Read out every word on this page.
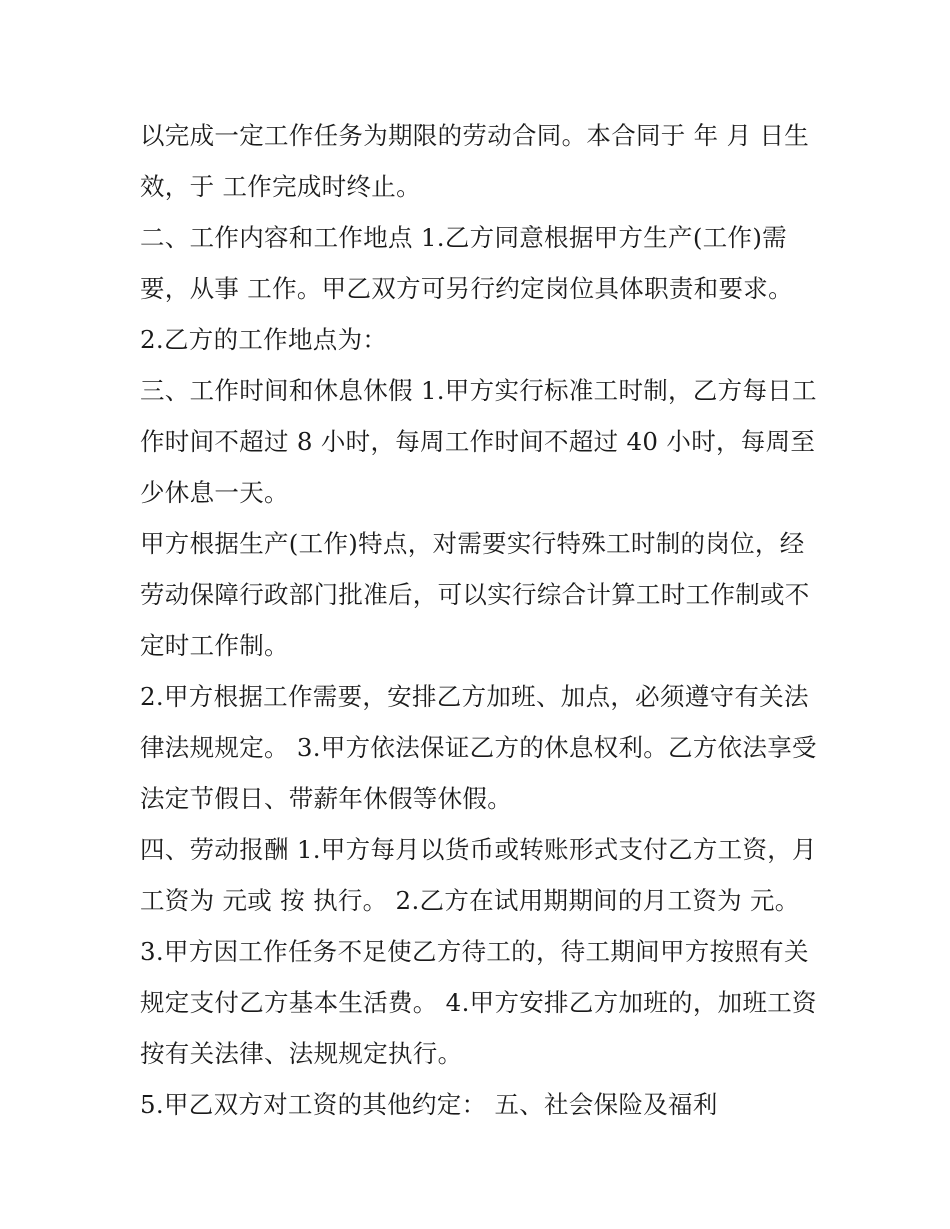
以完成一定工作任务为期限的劳动合同。本合同于 年 月 日生
效，于 工作完成时终止。
二、工作内容和工作地点 1.乙方同意根据甲方生产(工作)需
要，从事 工作。甲乙双方可另行约定岗位具体职责和要求。
2.乙方的工作地点为：
三、工作时间和休息休假 1.甲方实行标准工时制，乙方每日工
作时间不超过 8 小时，每周工作时间不超过 40 小时，每周至
少休息一天。
甲方根据生产(工作)特点，对需要实行特殊工时制的岗位，经
劳动保障行政部门批准后，可以实行综合计算工时工作制或不
定时工作制。
2.甲方根据工作需要，安排乙方加班、加点，必须遵守有关法
律法规规定。 3.甲方依法保证乙方的休息权利。乙方依法享受
法定节假日、带薪年休假等休假。
四、劳动报酬 1.甲方每月以货币或转账形式支付乙方工资，月
工资为 元或 按 执行。 2.乙方在试用期期间的月工资为 元。
3.甲方因工作任务不足使乙方待工的，待工期间甲方按照有关
规定支付乙方基本生活费。 4.甲方安排乙方加班的，加班工资
按有关法律、法规规定执行。
5.甲乙双方对工资的其他约定： 五、社会保险及福利
